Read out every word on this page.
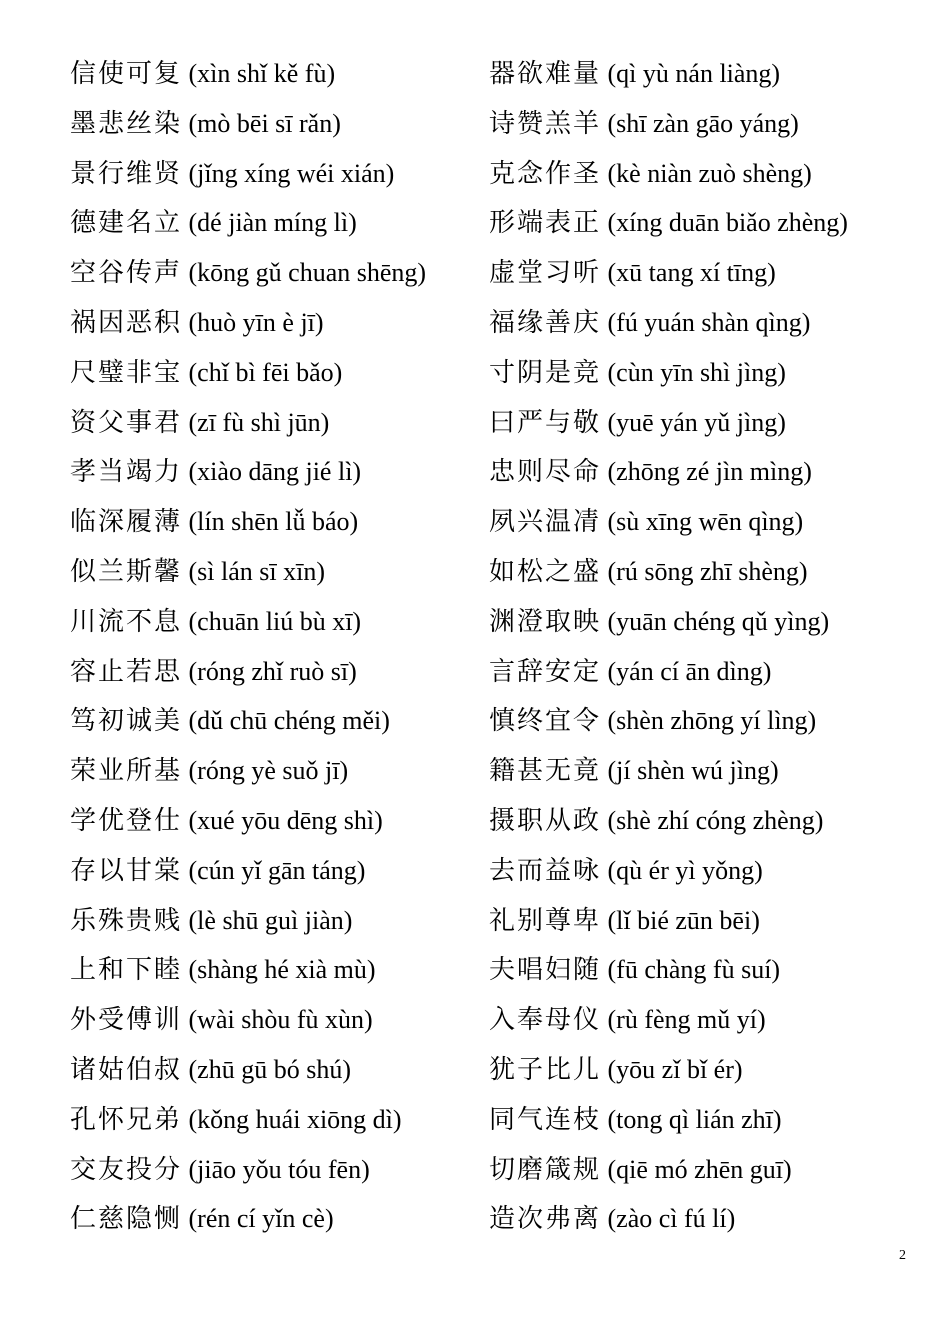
信使可复 (xìn shǐ kě fù)
墨悲丝染 (mò bēi sī rǎn)
景行维贤 (jǐng xíng wéi xián)
德建名立 (dé jiàn míng lì)
空谷传声 (kōng gǔ chuan shēng)
祸因恶积 (huò yīn è jī)
尺璧非宝 (chǐ bì fēi bǎo)
资父事君 (zī fù shì jūn)
孝当竭力 (xiào dāng jié lì)
临深履薄 (lín shēn lǚ báo)
似兰斯馨 (sì lán sī xīn)
川流不息 (chuān liú bù xī)
容止若思 (róng zhǐ ruò sī)
笃初诚美 (dǔ chū chéng měi)
荣业所基 (róng yè suǒ jī)
学优登仕 (xué yōu dēng shì)
存以甘棠 (cún yǐ gān táng)
乐殊贵贱 (lè shū guì jiàn)
上和下睦 (shàng hé xià mù)
外受傅训 (wài shòu fù xùn)
诸姑伯叔 (zhū gū bó shú)
孔怀兄弟 (kǒng huái xiōng dì)
交友投分 (jiāo yǒu tóu fēn)
仁慈隐恻 (rén cí yǐn cè)
器欲难量 (qì yù nán liàng)
诗赞羔羊 (shī zàn gāo yáng)
克念作圣 (kè niàn zuò shèng)
形端表正 (xíng duān biǎo zhèng)
虚堂习听 (xū tang xí tīng)
福缘善庆 (fú yuán shàn qìng)
寸阴是竞 (cùn yīn shì jìng)
曰严与敬 (yuē yán yǔ jìng)
忠则尽命 (zhōng zé jìn mìng)
夙兴温凊 (sù xīng wēn qìng)
如松之盛 (rú sōng zhī shèng)
渊澄取映 (yuān chéng qǔ yìng)
言辞安定 (yán cí ān dìng)
慎终宜令 (shèn zhōng yí lìng)
籍甚无竟 (jí shèn wú jìng)
摄职从政 (shè zhí cóng zhèng)
去而益咏 (qù ér yì yǒng)
礼别尊卑 (lǐ bié zūn bēi)
夫唱妇随 (fū chàng fù suí)
入奉母仪 (rù fèng mǔ yí)
犹子比儿 (yōu zǐ bǐ ér)
同气连枝 (tong qì lián zhī)
切磨箴规 (qiē mó zhēn guī)
造次弗离 (zào cì fú lí)
2
